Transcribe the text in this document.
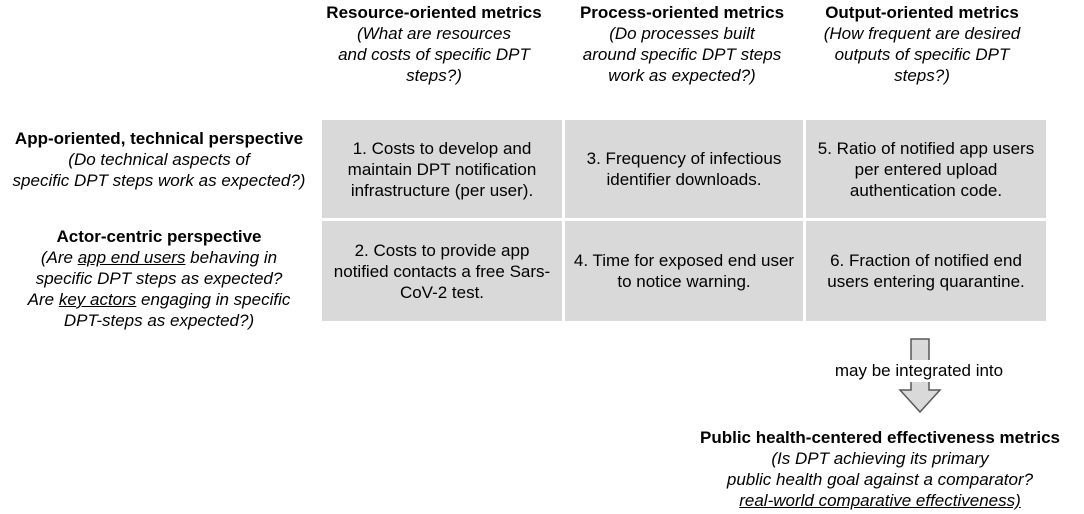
Resource-oriented metrics
(What are resources
and costs of specific DPT
steps?)
Process-oriented metrics
(Do processes built
around specific DPT steps
work as expected?)
Output-oriented metrics
(How frequent are desired
outputs of specific DPT
steps?)
App-oriented, technical perspective
(Do technical aspects of
specific DPT steps work as expected?)
Actor-centric perspective
(Are app end users behaving in
specific DPT steps as expected?
Are key actors engaging in specific
DPT-steps as expected?)
1. Costs to develop and maintain DPT notification infrastructure (per user).
3. Frequency of infectious identifier downloads.
5. Ratio of notified app users per entered upload authentication code.
2. Costs to provide app notified contacts a free Sars-CoV-2 test.
4. Time for exposed end user to notice warning.
6. Fraction of notified end users entering quarantine.
may be integrated into
Public health-centered effectiveness metrics
(Is DPT achieving its primary
public health goal against a comparator?
real-world comparative effectiveness)
